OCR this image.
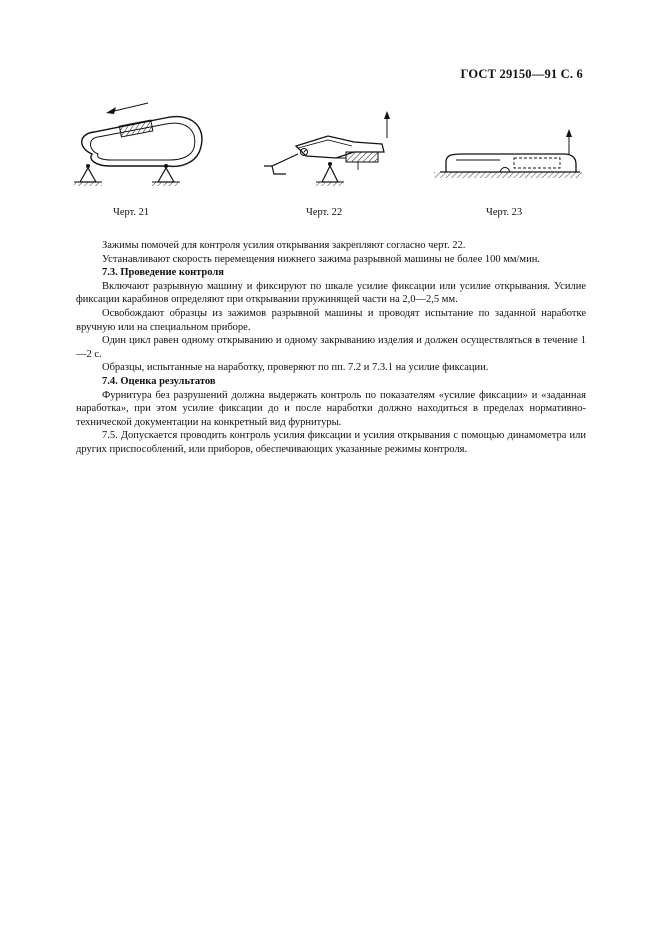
ГОСТ 29150—91 С. 6
Черт. 21	Черт. 22	Черт. 23

Зажимы помочей для контроля усилия открывания закрепляют согласно черт. 22.

Устанавливают скорость перемещения нижнего зажима разрывной машины не более 100 мм/мин.

7.3. Проведение контроля

Включают разрывную машину и фиксируют по шкале усилие фиксации или усилие открывания. Усилие фиксации карабинов определяют при открывании пружинящей части на 2,0—2,5 мм.

Освобождают образцы из зажимов разрывной машины и проводят испытание по заданной наработке вручную или на специальном приборе.

Один цикл равен одному открыванию и одному закрыванию изделия и должен осуществляться в течение 1—2 с.

Образцы, испытанные на наработку, проверяют по пп. 7.2 и 7.3.1 на усилие фиксации.

7.4. Оценка результатов

Фурнитура без разрушений должна выдержать контроль по показателям «усилие фиксации» и «заданная наработка», при этом усилие фиксации до и после наработки должно находиться в пределах нормативно-технической документации на конкретный вид фурнитуры.

7.5. Допускается проводить контроль усилия фиксации и усилия открывания с помощью динамометра или других приспособлений, или приборов, обеспечивающих указанные режимы контроля.
